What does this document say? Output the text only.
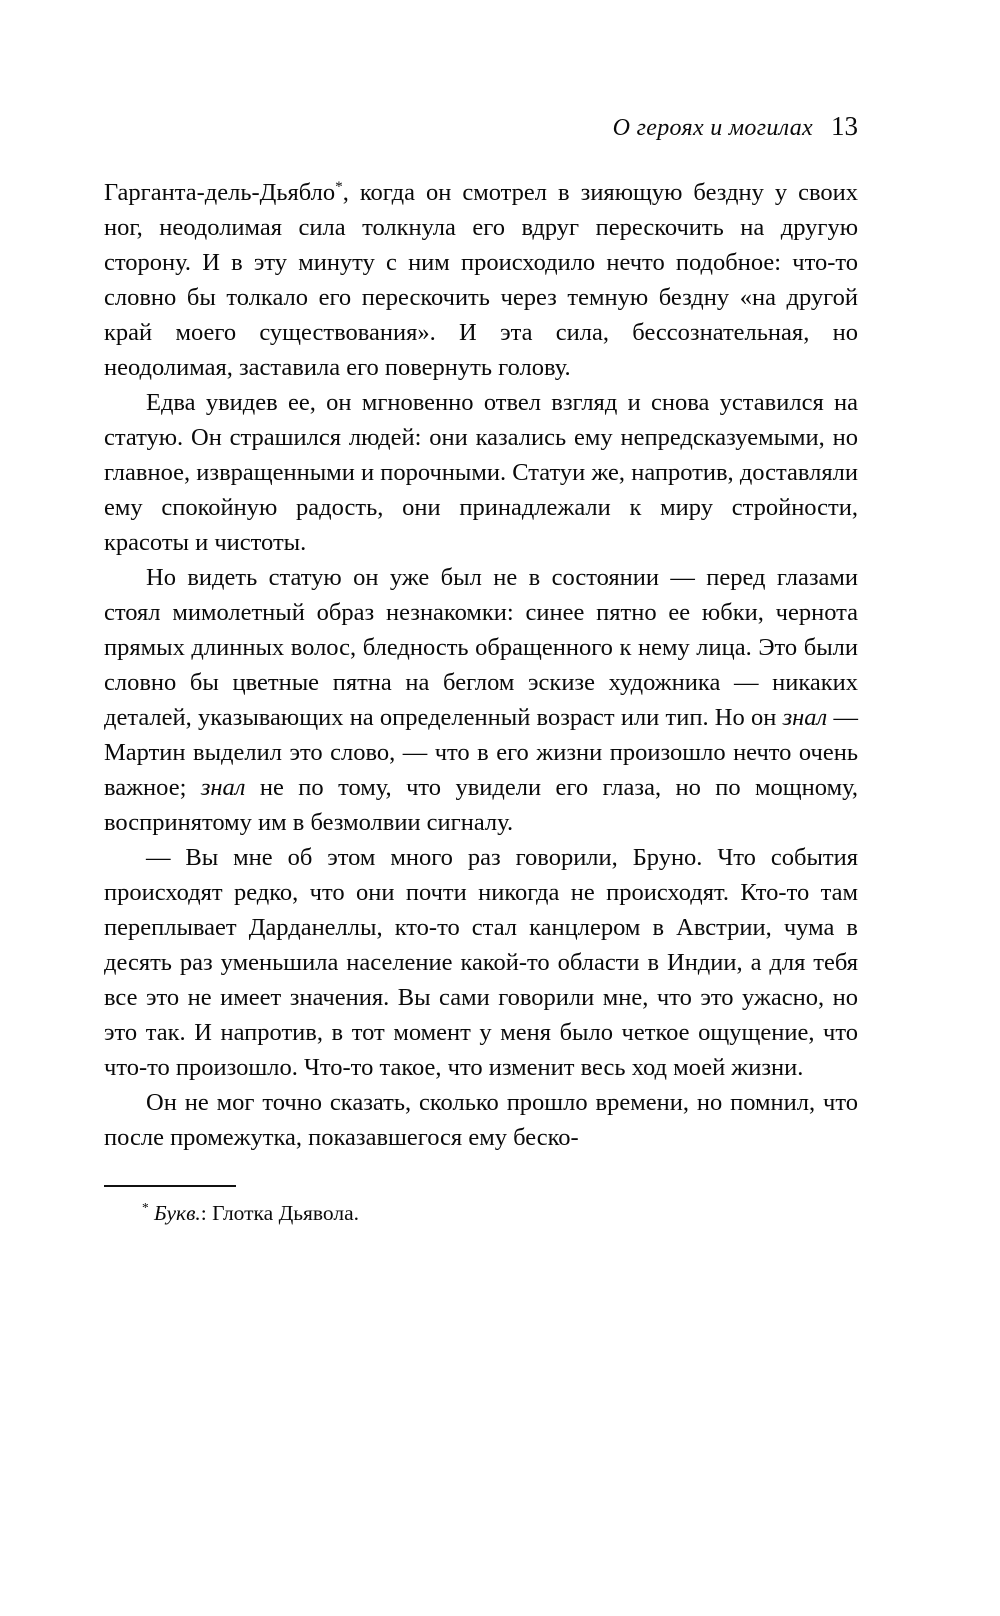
О героях и могилах 13

Гарганта-дель-Дьябло*, когда он смотрел в зияющую бездну у своих ног, неодолимая сила толкнула его вдруг перескочить на другую сторону. И в эту минуту с ним происходило нечто подобное: что-то словно бы толкало его перескочить через темную бездну «на другой край моего существования». И эта сила, бессознательная, но неодолимая, заставила его повернуть голову.

Едва увидев ее, он мгновенно отвел взгляд и снова уставился на статую. Он страшился людей: они казались ему непредсказуемыми, но главное, извращенными и порочными. Статуи же, напротив, доставляли ему спокойную радость, они принадлежали к миру стройности, красоты и чистоты.

Но видеть статую он уже был не в состоянии — перед глазами стоял мимолетный образ незнакомки: синее пятно ее юбки, чернота прямых длинных волос, бледность обращенного к нему лица. Это были словно бы цветные пятна на беглом эскизе художника — никаких деталей, указывающих на определенный возраст или тип. Но он знал — Мартин выделил это слово, — что в его жизни произошло нечто очень важное; знал не по тому, что увидели его глаза, но по мощному, воспринятому им в безмолвии сигналу.

— Вы мне об этом много раз говорили, Бруно. Что события происходят редко, что они почти никогда не происходят. Кто-то там переплывает Дарданеллы, кто-то стал канцлером в Австрии, чума в десять раз уменьшила население какой-то области в Индии, а для тебя все это не имеет значения. Вы сами говорили мне, что это ужасно, но это так. И напротив, в тот момент у меня было четкое ощущение, что что-то произошло. Что-то такое, что изменит весь ход моей жизни.

Он не мог точно сказать, сколько прошло времени, но помнил, что после промежутка, показавшегося ему беско-

* Букв.: Глотка Дьявола.
